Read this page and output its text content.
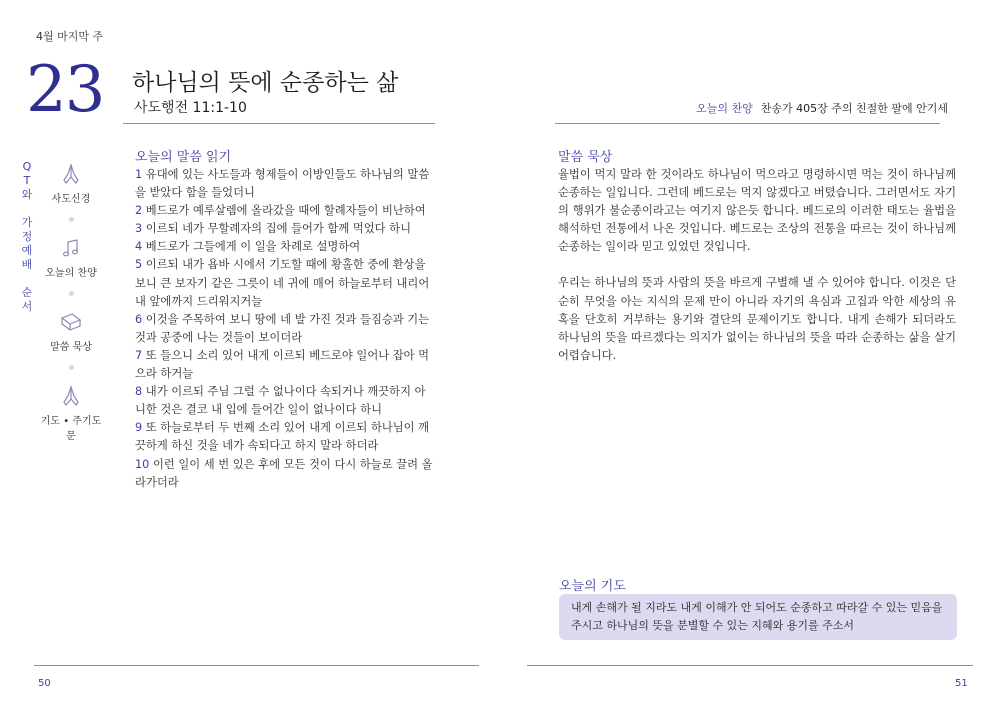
4월 마지막 주
23 하나님의 뜻에 순종하는 삶
사도행전 11:1-10	오늘의 찬양 찬송가 405장 주의 친절한 팔에 안기세
Q
T
와

가
정
예
배

순
서
사도신경
오늘의 찬양
말씀 묵상
기도 • 주기도문
오늘의 말씀 읽기
1 유대에 있는 사도들과 형제들이 이방인들도 하나님의 말씀을 받았다 함을 들었더니
2 베드로가 예루살렘에 올라갔을 때에 할례자들이 비난하여
3 이르되 네가 무할례자의 집에 들어가 함께 먹었다 하니
4 베드로가 그들에게 이 일을 차례로 설명하여
5 이르되 내가 욥바 시에서 기도할 때에 황홀한 중에 환상을 보니 큰 보자기 같은 그릇이 네 귀에 매어 하늘로부터 내리어 내 앞에까지 드리워지거늘
6 이것을 주목하여 보니 땅에 네 발 가진 것과 들짐승과 기는 것과 공중에 나는 것들이 보이더라
7 또 들으니 소리 있어 내게 이르되 베드로야 일어나 잡아 먹으라 하거늘
8 내가 이르되 주님 그럴 수 없나이다 속되거나 깨끗하지 아니한 것은 결코 내 입에 들어간 일이 없나이다 하니
9 또 하늘로부터 두 번째 소리 있어 내게 이르되 하나님이 깨끗하게 하신 것을 네가 속되다고 하지 말라 하더라
10 이런 일이 세 번 있은 후에 모든 것이 다시 하늘로 끌려 올라가더라
말씀 묵상

율법이 먹지 말라 한 것이라도 하나님이 먹으라고 명령하시면 먹는 것이 하나님께 순종하는 일입니다. 그런데 베드로는 먹지 않겠다고 버텼습니다. 그러면서도 자기의 행위가 불순종이라고는 여기지 않은듯 합니다. 베드로의 이러한 태도는 율법을 해석하던 전통에서 나온 것입니다. 베드로는 조상의 전통을 따르는 것이 하나님께 순종하는 일이라 믿고 있었던 것입니다.

우리는 하나님의 뜻과 사람의 뜻을 바르게 구별해 낼 수 있어야 합니다. 이것은 단순히 무엇을 아는 지식의 문제 만이 아니라 자기의 욕심과 고집과 악한 세상의 유혹을 단호히 거부하는 용기와 결단의 문제이기도 합니다. 내게 손해가 되더라도 하나님의 뜻을 따르겠다는 의지가 없이는 하나님의 뜻을 따라 순종하는 삶을 살기 어렵습니다.

오늘의 기도
내게 손해가 될 지라도 내게 이해가 안 되어도 순종하고 따라갈 수 있는 믿음을 주시고 하나님의 뜻을 분별할 수 있는 지혜와 용기를 주소서
50	51
